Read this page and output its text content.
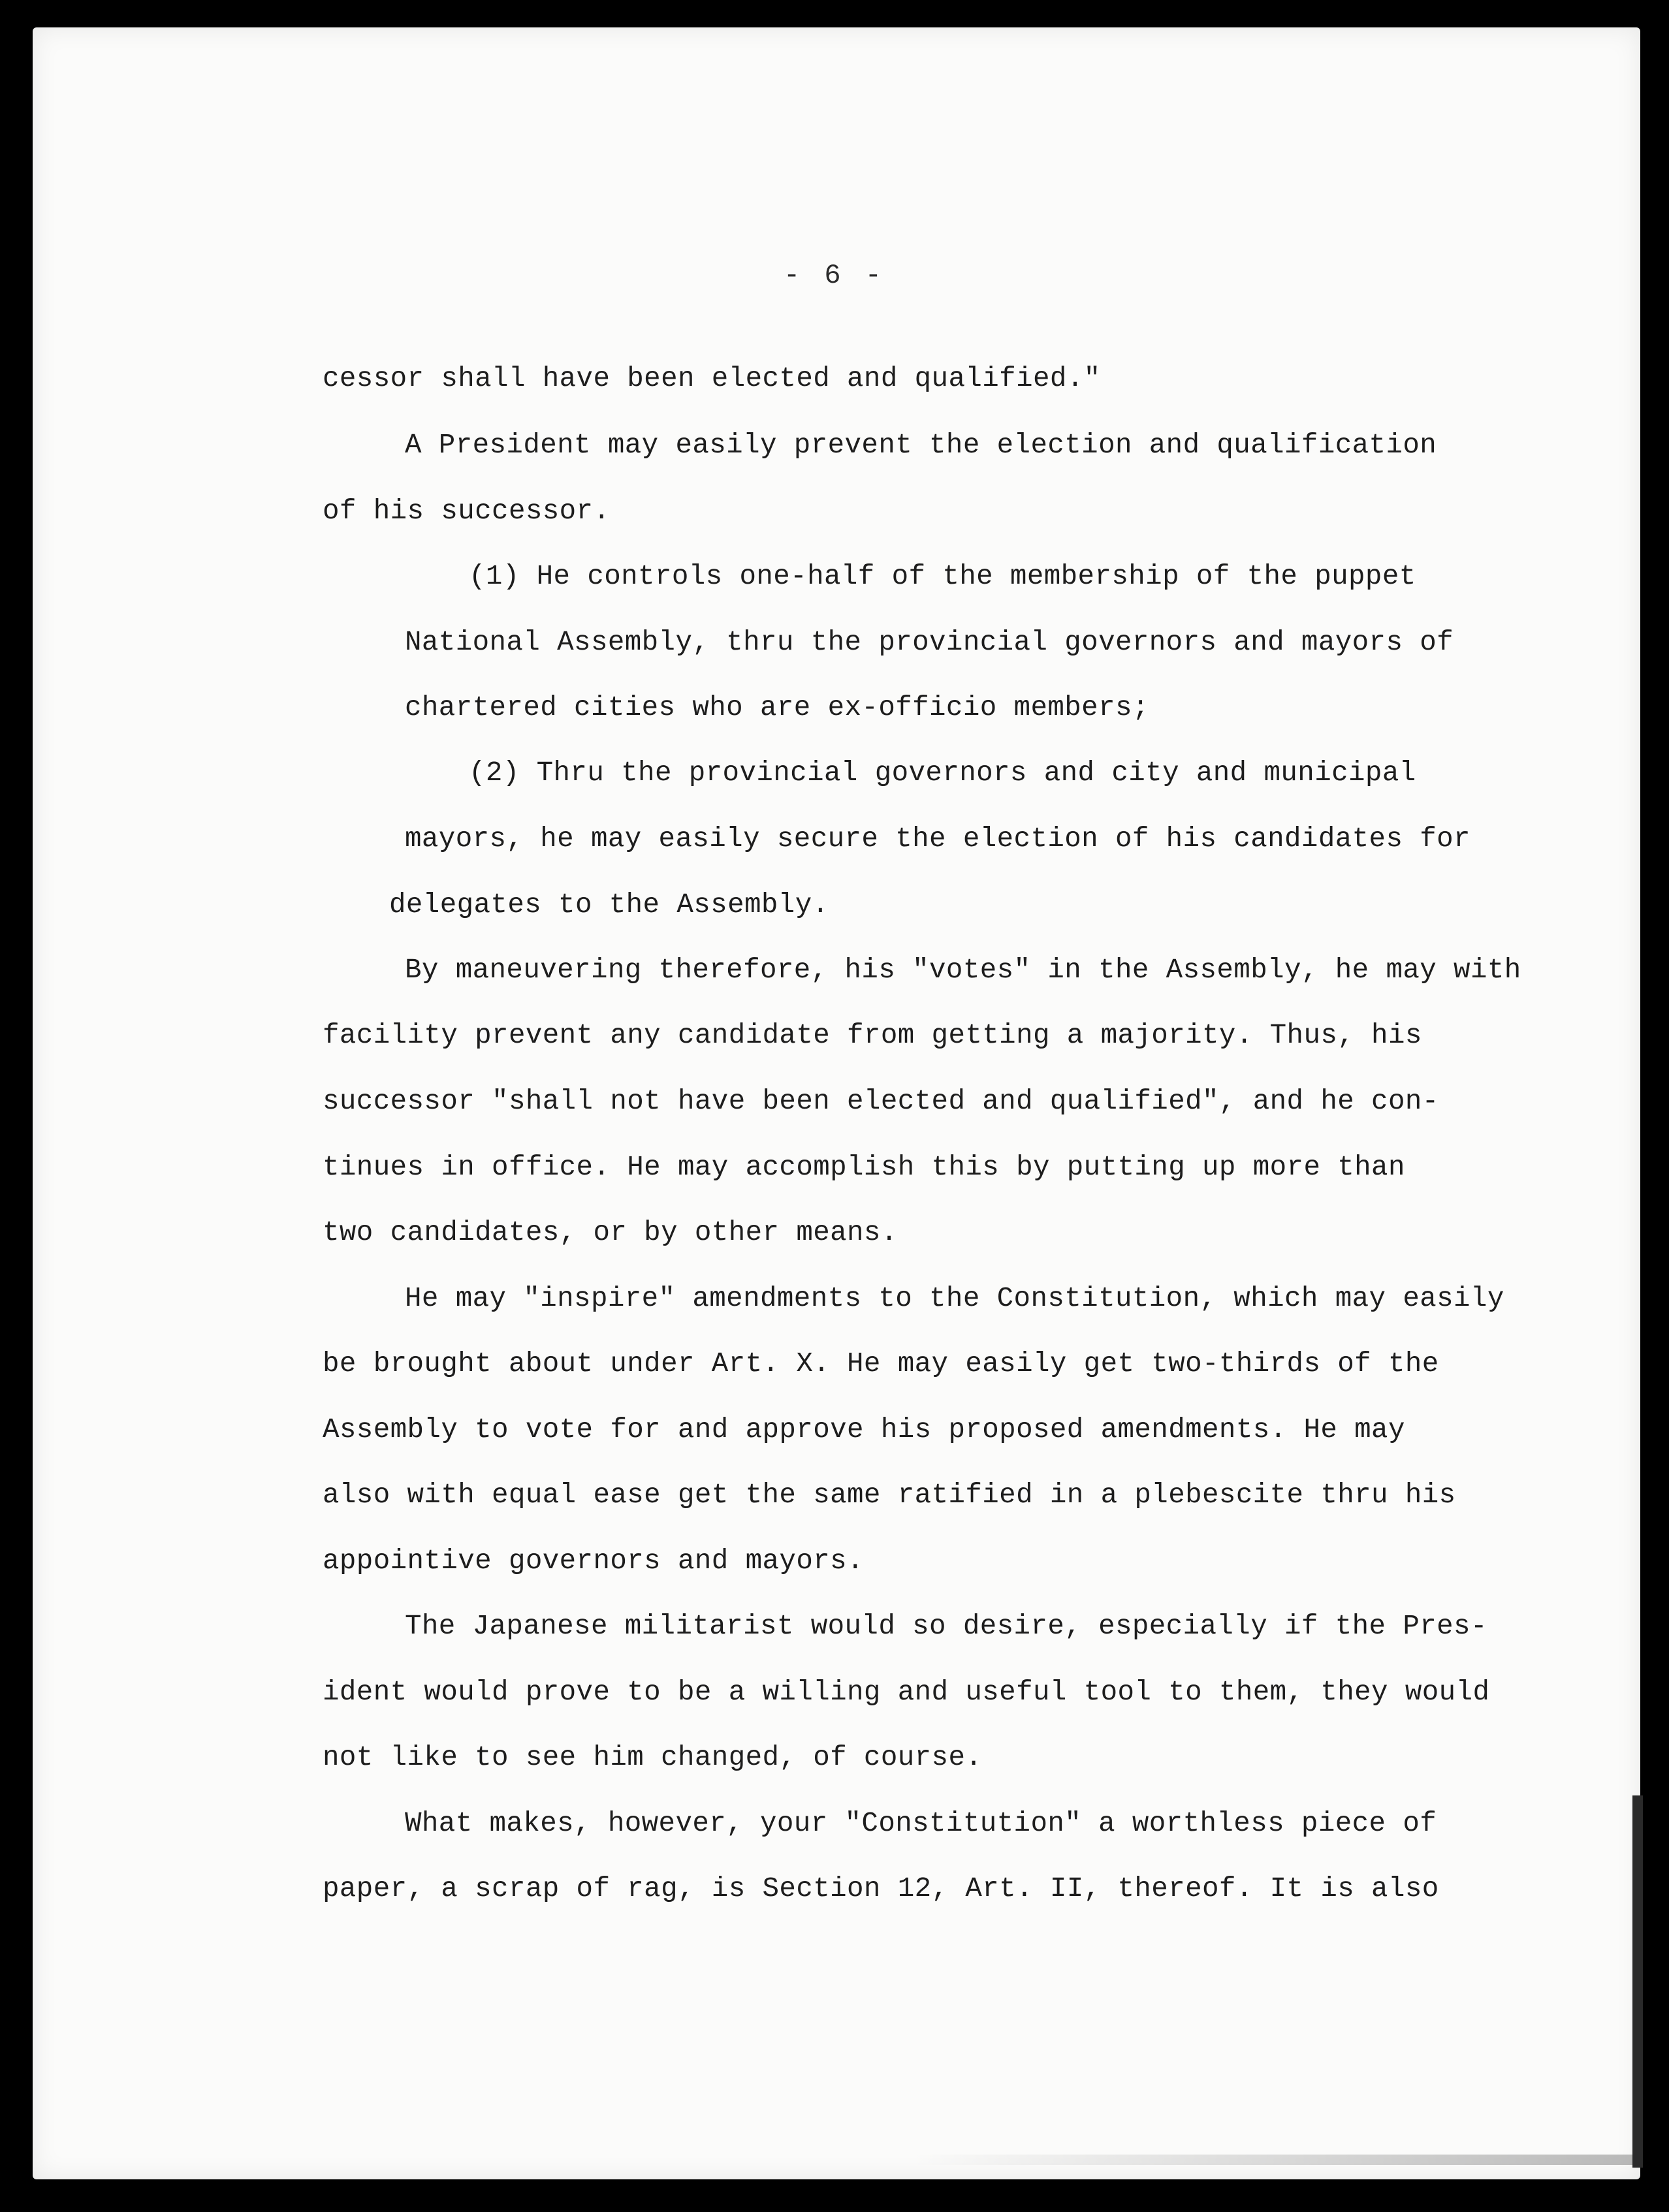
- 6 -
cessor shall have been elected and qualified."
A President may easily prevent the election and qualification
of his successor.
(1) He controls one-half of the membership of the puppet
National Assembly, thru the provincial governors and mayors of
chartered cities who are ex-officio members;
(2) Thru the provincial governors and city and municipal
mayors, he may easily secure the election of his candidates for
delegates to the Assembly.
By maneuvering therefore, his "votes" in the Assembly, he may with
facility prevent any candidate from getting a majority. Thus, his
successor "shall not have been elected and qualified", and he con-
tinues in office. He may accomplish this by putting up more than
two candidates, or by other means.
He may "inspire" amendments to the Constitution, which may easily
be brought about under Art. X. He may easily get two-thirds of the
Assembly to vote for and approve his proposed amendments. He may
also with equal ease get the same ratified in a plebescite thru his
appointive governors and mayors.
The Japanese militarist would so desire, especially if the Pres-
ident would prove to be a willing and useful tool to them, they would
not like to see him changed, of course.
What makes, however, your "Constitution" a worthless piece of
paper, a scrap of rag, is Section 12, Art. II, thereof. It is also
